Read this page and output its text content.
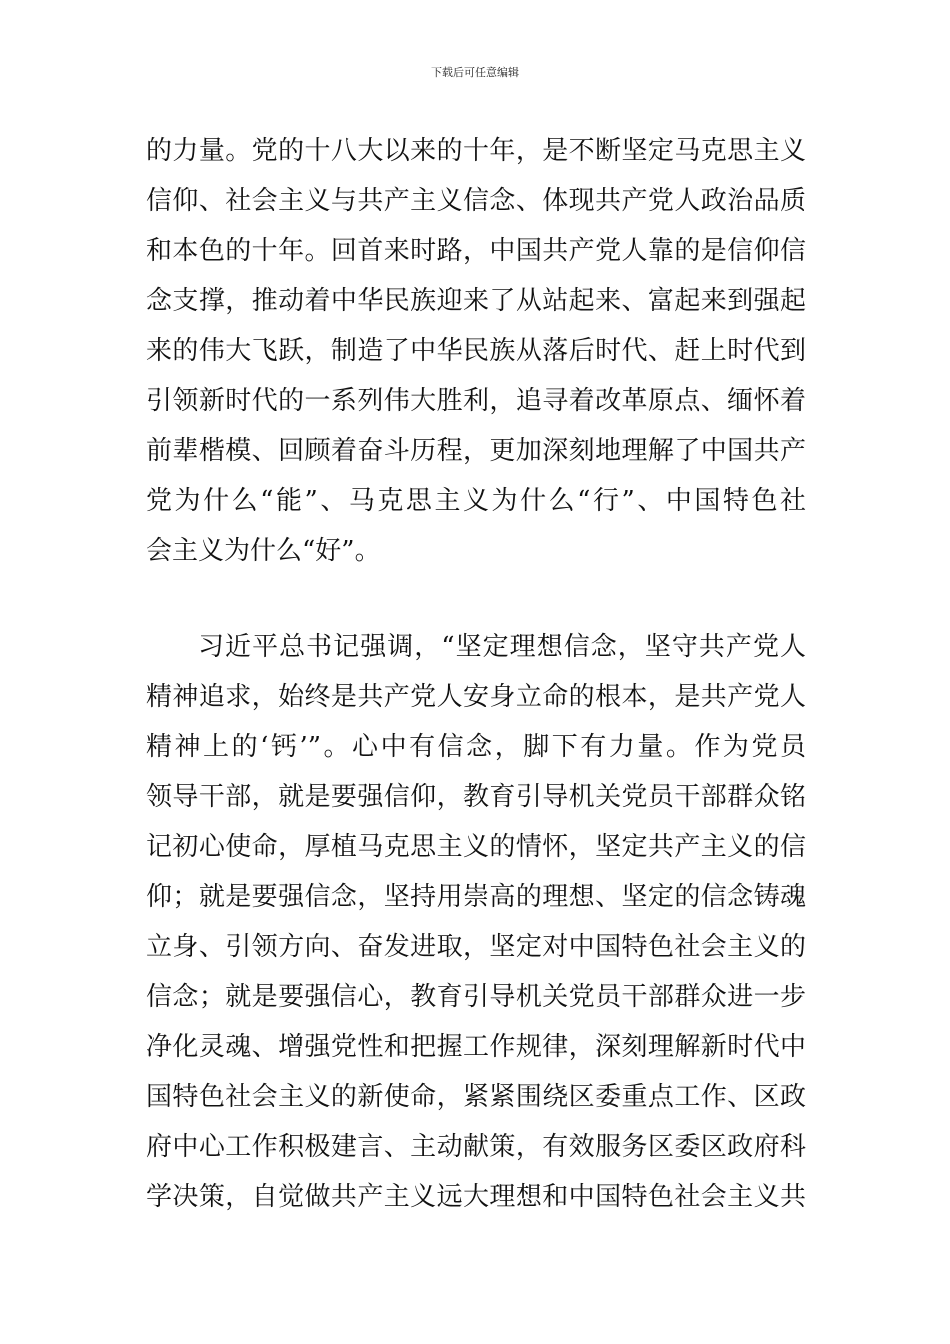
下载后可任意编辑
的力量。党的十八大以来的十年，是不断坚定马克思主义
信仰、社会主义与共产主义信念、体现共产党人政治品质
和本色的十年。回首来时路，中国共产党人靠的是信仰信
念支撑，推动着中华民族迎来了从站起来、富起来到强起
来的伟大飞跃，制造了中华民族从落后时代、赶上时代到
引领新时代的一系列伟大胜利，追寻着改革原点、缅怀着
前辈楷模、回顾着奋斗历程，更加深刻地理解了中国共产
党为什么“能”、马克思主义为什么“行”、中国特色社
会主义为什么“好”。
习近平总书记强调，“坚定理想信念，坚守共产党人
精神追求，始终是共产党人安身立命的根本，是共产党人
精神上的‘钙’”。心中有信念，脚下有力量。作为党员
领导干部，就是要强信仰，教育引导机关党员干部群众铭
记初心使命，厚植马克思主义的情怀，坚定共产主义的信
仰；就是要强信念，坚持用崇高的理想、坚定的信念铸魂
立身、引领方向、奋发进取，坚定对中国特色社会主义的
信念；就是要强信心，教育引导机关党员干部群众进一步
净化灵魂、增强党性和把握工作规律，深刻理解新时代中
国特色社会主义的新使命，紧紧围绕区委重点工作、区政
府中心工作积极建言、主动献策，有效服务区委区政府科
学决策，自觉做共产主义远大理想和中国特色社会主义共
